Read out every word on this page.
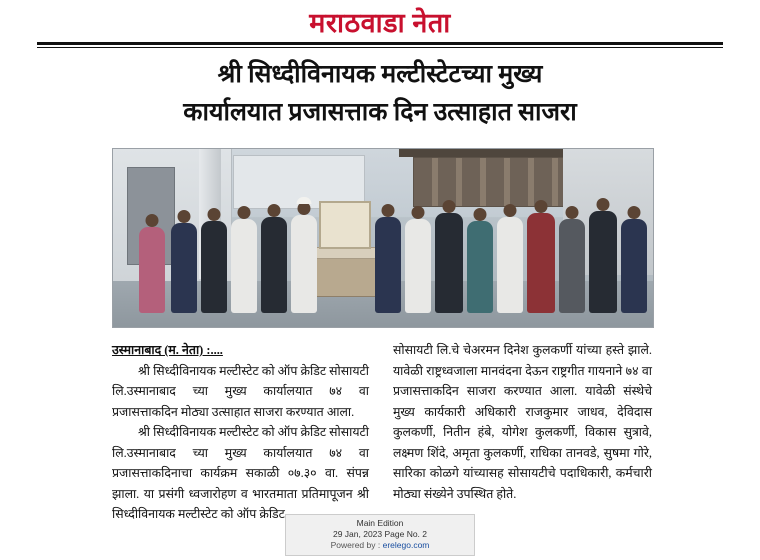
मराठवाडा नेता
श्री सिध्दीविनायक मल्टीस्टेटच्या मुख्य
कार्यालयात प्रजासत्ताक दिन उत्साहात साजरा

उस्मानाबाद (म. नेता) :....

श्री सिध्दीविनायक मल्टीस्टेट को ऑप क्रेडिट सोसायटी लि.उस्मानाबाद च्या मुख्य कार्यालयात ७४ वा प्रजासत्ताकदिन मोठ्या उत्साहात साजरा करण्यात आला.

श्री सिध्दीविनायक मल्टीस्टेट को ऑप क्रेडिट सोसायटी लि.उस्मानाबाद च्या मुख्य कार्यालयात ७४ वा प्रजासत्ताकदिनाचा कार्यक्रम सकाळी ०७.३० वा. संपन्न झाला. या प्रसंगी ध्वजारोहण व भारतमाता प्रतिमापूजन श्री सिध्दीविनायक मल्टीस्टेट को ऑप क्रेडिट

सोसायटी लि.चे चेअरमन दिनेश कुलकर्णी यांच्या हस्ते झाले. यावेळी राष्ट्रध्वजाला मानवंदना देऊन राष्ट्रगीत गायनाने ७४ वा प्रजासत्ताकदिन साजरा करण्यात आला. यावेळी संस्थेचे मुख्य कार्यकारी अधिकारी राजकुमार जाधव, देविदास कुलकर्णी, नितीन हंबे, योगेश कुलकर्णी, विकास सुत्रावे, लक्ष्मण शिंदे, अमृता कुलकर्णी, राधिका तानवडे, सुषमा गोरे, सारिका कोळगे यांच्यासह सोसायटीचे पदाधिकारी, कर्मचारी मोठ्या संख्येने उपस्थित होते.

Main Edition
29 Jan, 2023 Page No. 2
Powered by : erelego.com
